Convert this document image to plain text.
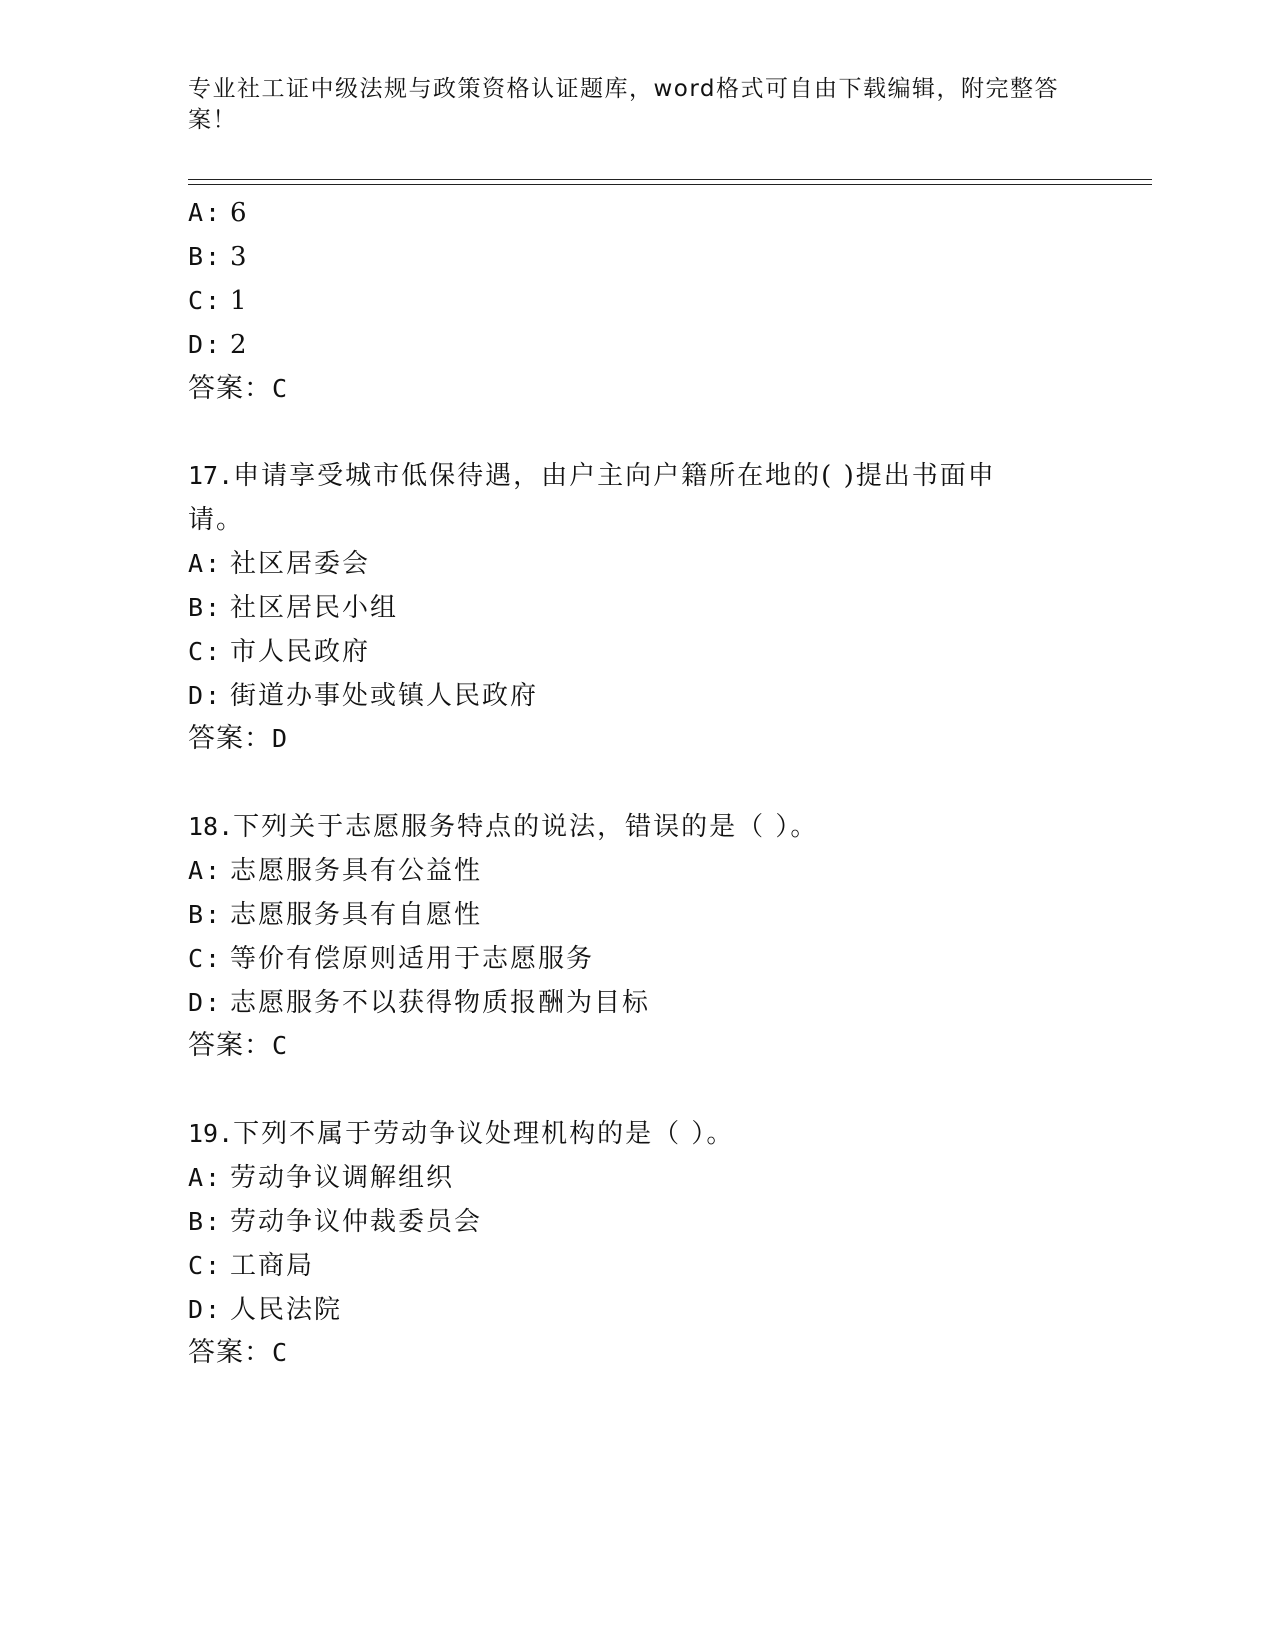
专业社工证中级法规与政策资格认证题库，word格式可自由下载编辑，附完整答案！
A: 6
B: 3
C: 1
D: 2
答案：C
17.申请享受城市低保待遇，由户主向户籍所在地的( )提出书面申
请。
A: 社区居委会
B: 社区居民小组
C: 市人民政府
D: 街道办事处或镇人民政府
答案：D
18.下列关于志愿服务特点的说法，错误的是（ ）。
A: 志愿服务具有公益性
B: 志愿服务具有自愿性
C: 等价有偿原则适用于志愿服务
D: 志愿服务不以获得物质报酬为目标
答案：C
19.下列不属于劳动争议处理机构的是（ ）。
A: 劳动争议调解组织
B: 劳动争议仲裁委员会
C: 工商局
D: 人民法院
答案：C
